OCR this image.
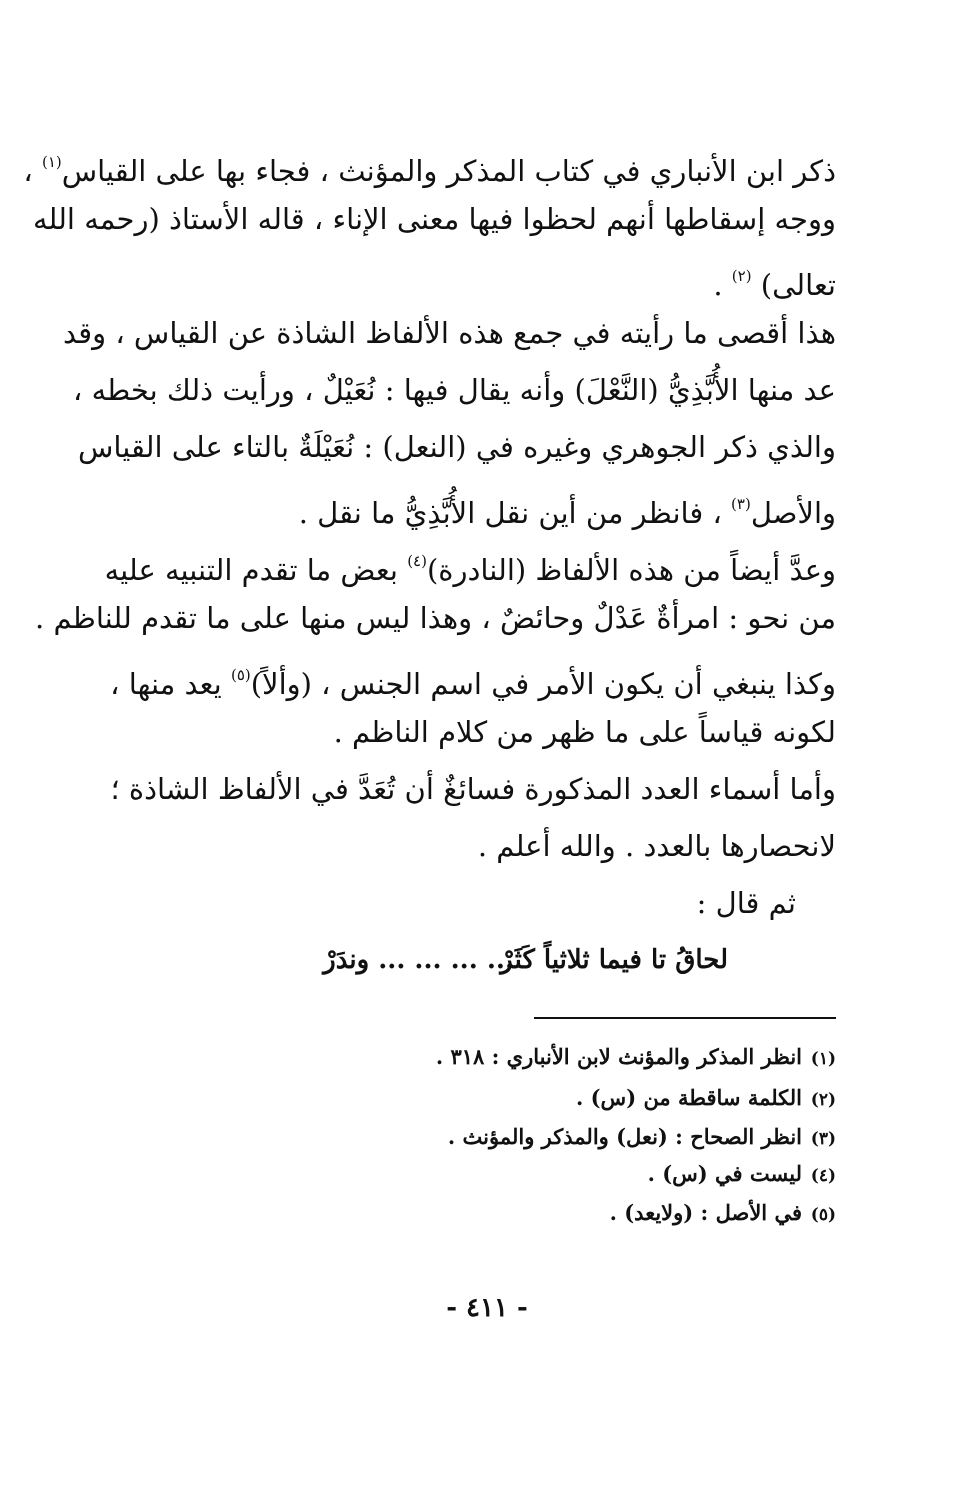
ذكر ابن الأنباري في كتاب المذكر والمؤنث ، فجاء بها على القياس$^{(١)}$ ،

ووجه إسقاطها أنهم لحظوا فيها معنى الإناء ، قاله الأستاذ (رحمه الله

تعالى) $^{(٢)}$ .

هذا أقصى ما رأيته في جمع هذه الألفاظ الشاذة عن القياس ، وقد

عد منها الأُبَّذِيُّ (النَّعْلَ) وأنه يقال فيها : نُعَيْلٌ ، ورأيت ذلك بخطه ،

والذي ذكر الجوهري وغيره في (النعل) : نُعَيْلَةٌ بالتاء على القياس

والأصل$^{(٣)}$ ، فانظر من أين نقل الأُبَّذِيُّ ما نقل .

وعدَّ أيضاً من هذه الألفاظ (النادرة)$^{(٤)}$ بعض ما تقدم التنبيه عليه

من نحو : امرأةٌ عَدْلٌ وحائضٌ ، وهذا ليس منها على ما تقدم للناظم .

وكذا ينبغي أن يكون الأمر في اسم الجنس ، (وألاً)$^{(٥)}$ يعد منها ،

لكونه قياساً على ما ظهر من كلام الناظم .

وأما أسماء العدد المذكورة فسائغٌ أن تُعَدَّ في الألفاظ الشاذة ؛

لانحصارها بالعدد . والله أعلم .

ثم قال :

... ... ... ... وندَرْ
لحاقُ تا فيما ثلاثياً كَثَرْ
(١)انظر المذكر والمؤنث لابن الأنباري : ٣١٨ .
(٢)الكلمة ساقطة من (س) .
(٣)انظر الصحاح : (نعل) والمذكر والمؤنث .
(٤)ليست في (س) .
(٥)في الأصل : (ولايعد) .
- ٤١١ -
